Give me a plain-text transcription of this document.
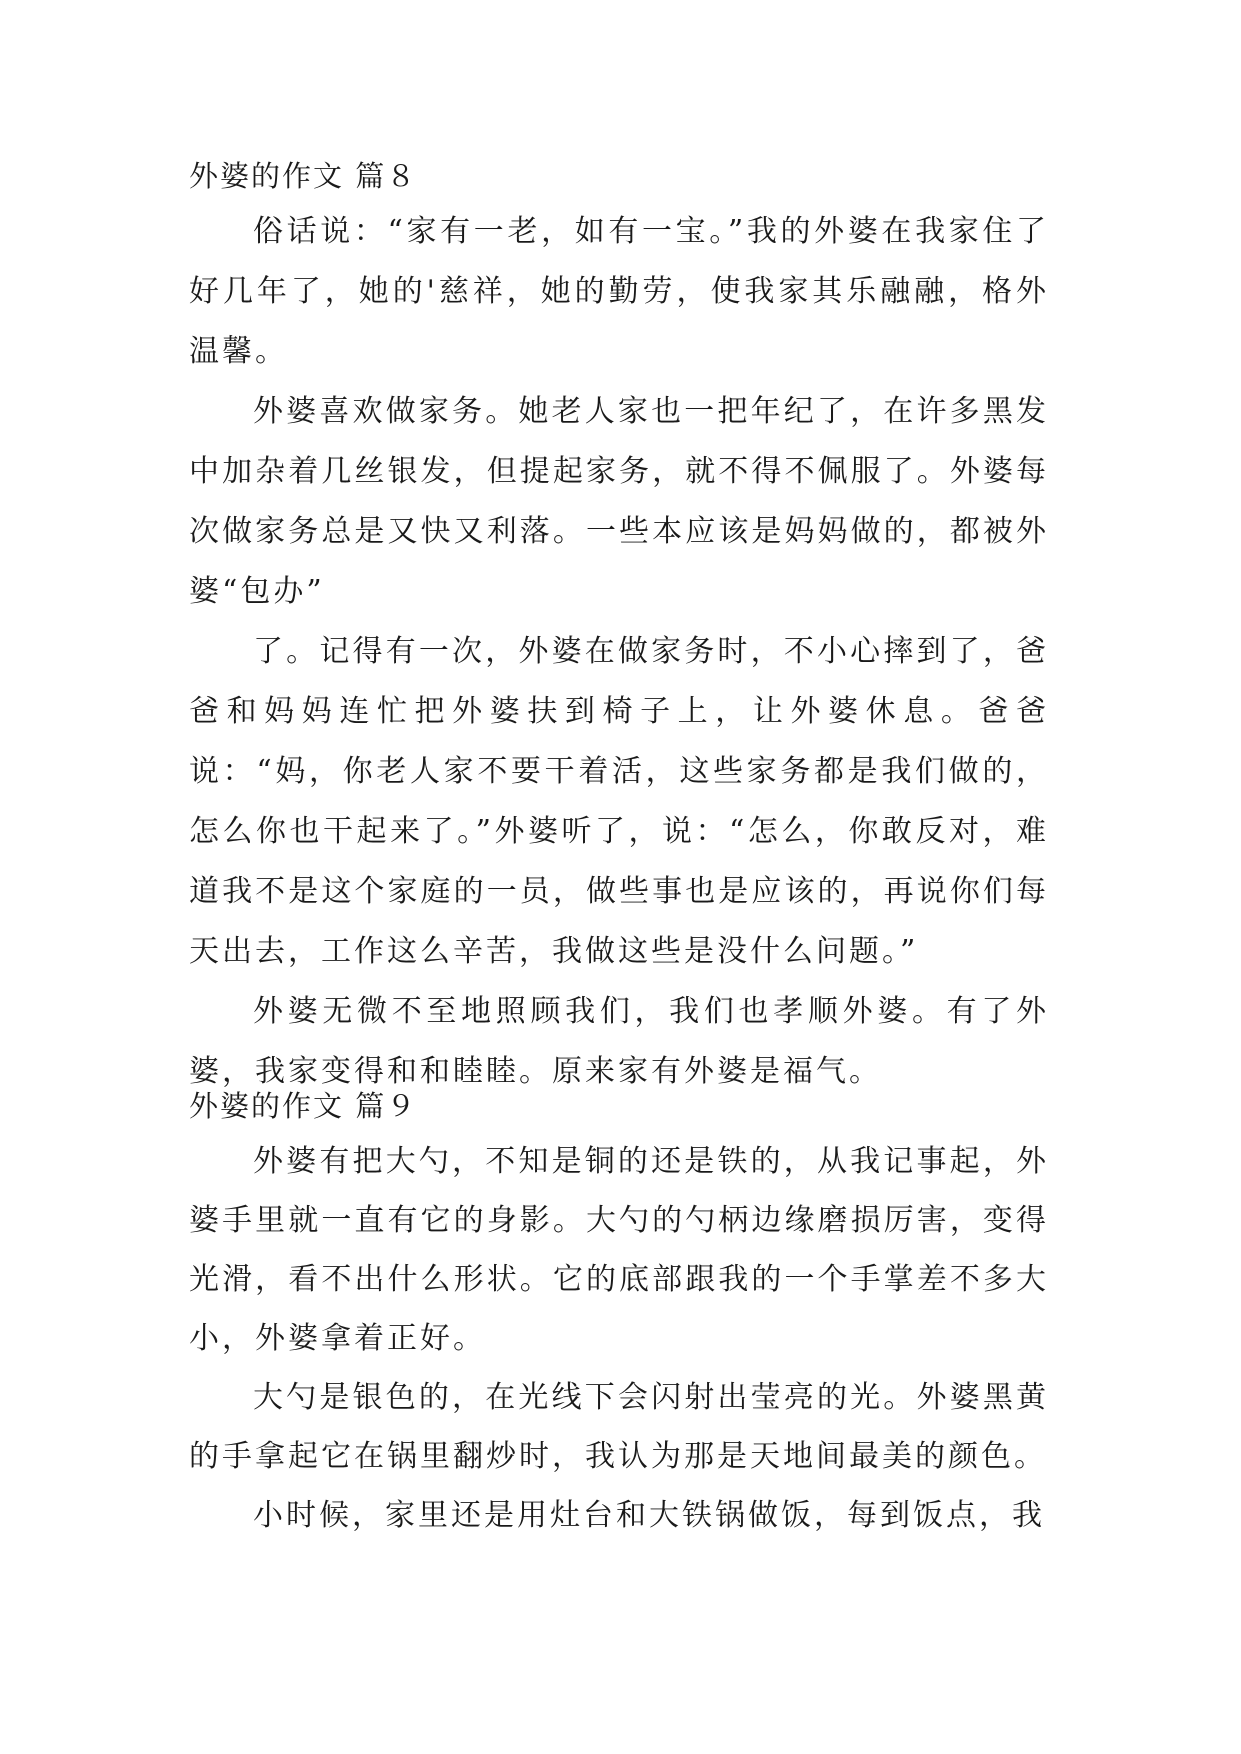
外婆的作文 篇８

俗话说：“家有一老，如有一宝。”我的外婆在我家住了好几年了，她的'慈祥，她的勤劳，使我家其乐融融，格外温馨。

外婆喜欢做家务。她老人家也一把年纪了，在许多黑发中加杂着几丝银发，但提起家务，就不得不佩服了。外婆每次做家务总是又快又利落。一些本应该是妈妈做的，都被外婆“包办”

了。记得有一次，外婆在做家务时，不小心摔到了，爸爸和妈妈连忙把外婆扶到椅子上，让外婆休息。爸爸说：“妈，你老人家不要干着活，这些家务都是我们做的，怎么你也干起来了。”外婆听了，说：“怎么，你敢反对，难道我不是这个家庭的一员，做些事也是应该的，再说你们每天出去，工作这么辛苦，我做这些是没什么问题。”

外婆无微不至地照顾我们，我们也孝顺外婆。有了外婆，我家变得和和睦睦。原来家有外婆是福气。

外婆的作文 篇９

外婆有把大勺，不知是铜的还是铁的，从我记事起，外婆手里就一直有它的身影。大勺的勺柄边缘磨损厉害，变得光滑，看不出什么形状。它的底部跟我的一个手掌差不多大小，外婆拿着正好。

大勺是银色的，在光线下会闪射出莹亮的光。外婆黑黄的手拿起它在锅里翻炒时，我认为那是天地间最美的颜色。

小时候，家里还是用灶台和大铁锅做饭，每到饭点，我
